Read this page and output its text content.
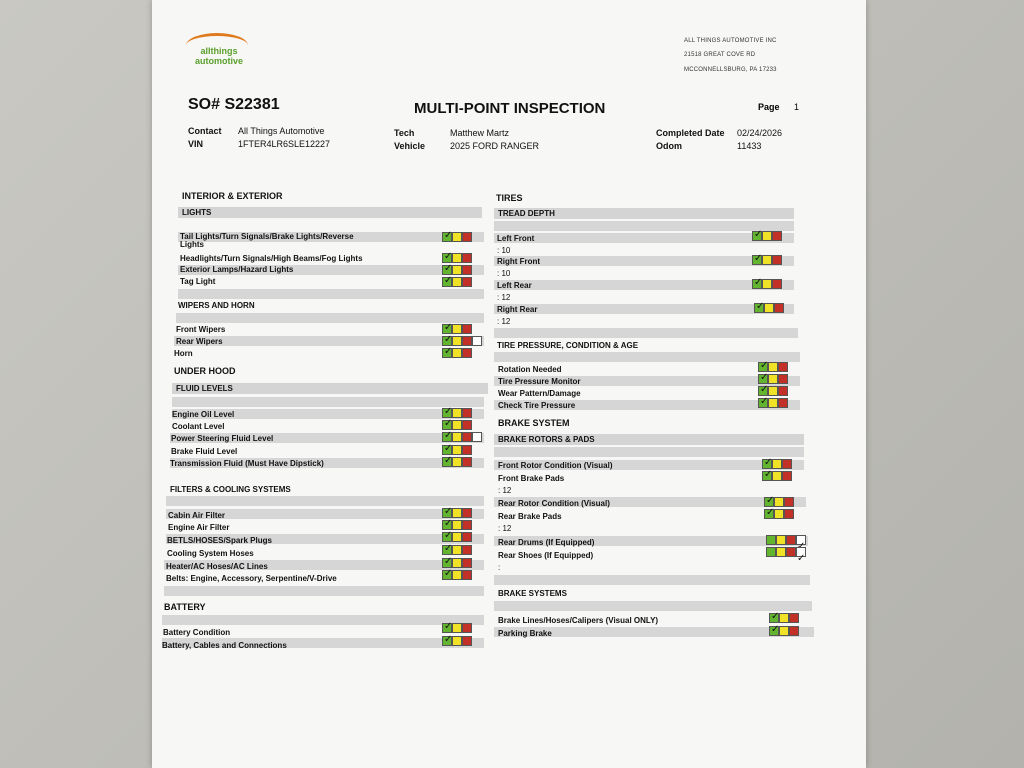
allthings
automotive
ALL THINGS AUTOMOTIVE INC
21518 GREAT COVE RD
MCCONNELLSBURG, PA 17233
SO# S22381	MULTI-POINT INSPECTION	Page 1
Contact All Things Automotive
VIN	1FTER4LR6SLE12227
Tech	Matthew Martz
Vehicle	2025 FORD RANGER
Completed Date 02/24/2026
Odom	11433
INTERIOR & EXTERIOR
LIGHTS
Tail Lights/Turn Signals/Brake Lights/Reverse
Lights
✓
Headlights/Turn Signals/High Beams/Fog Lights	✓
Exterior Lamps/Hazard Lights	✓
Tag Light	✓
WIPERS AND HORN
Front Wipers	✓
Rear Wipers	✓
Horn	✓
UNDER HOOD
FLUID LEVELS
Engine Oil Level	✓
Coolant Level	✓
Power Steering Fluid Level	✓
Brake Fluid Level	✓
Transmission Fluid (Must Have Dipstick)	✓
FILTERS & COOLING SYSTEMS
Cabin Air Filter	✓
Engine Air Filter	✓
BETLS/HOSES/Spark Plugs	✓
Cooling System Hoses	✓
Heater/AC Hoses/AC Lines	✓
Belts: Engine, Accessory, Serpentine/V-Drive	✓
BATTERY
Battery Condition
✓
Battery, Cables and Connections
✓
TIRES
TREAD DEPTH
Left Front	✓
: 10
Right Front	✓
: 10
Left Rear	✓
: 12
Right Rear	✓
: 12
TIRE PRESSURE, CONDITION & AGE
Rotation Needed	✓
Tire Pressure Monitor	✓
Wear Pattern/Damage	✓
Check Tire Pressure	✓
BRAKE SYSTEM
BRAKE ROTORS & PADS
Front Rotor Condition (Visual)	✓
Front Brake Pads	✓
: 12
Rear Rotor Condition (Visual)	✓
Rear Brake Pads	✓
: 12
Rear Drums (If Equipped)
Rear Shoes (If Equipped)	✓
:
BRAKE SYSTEMS
Brake Lines/Hoses/Calipers (Visual ONLY)	✓
Parking Brake	✓
